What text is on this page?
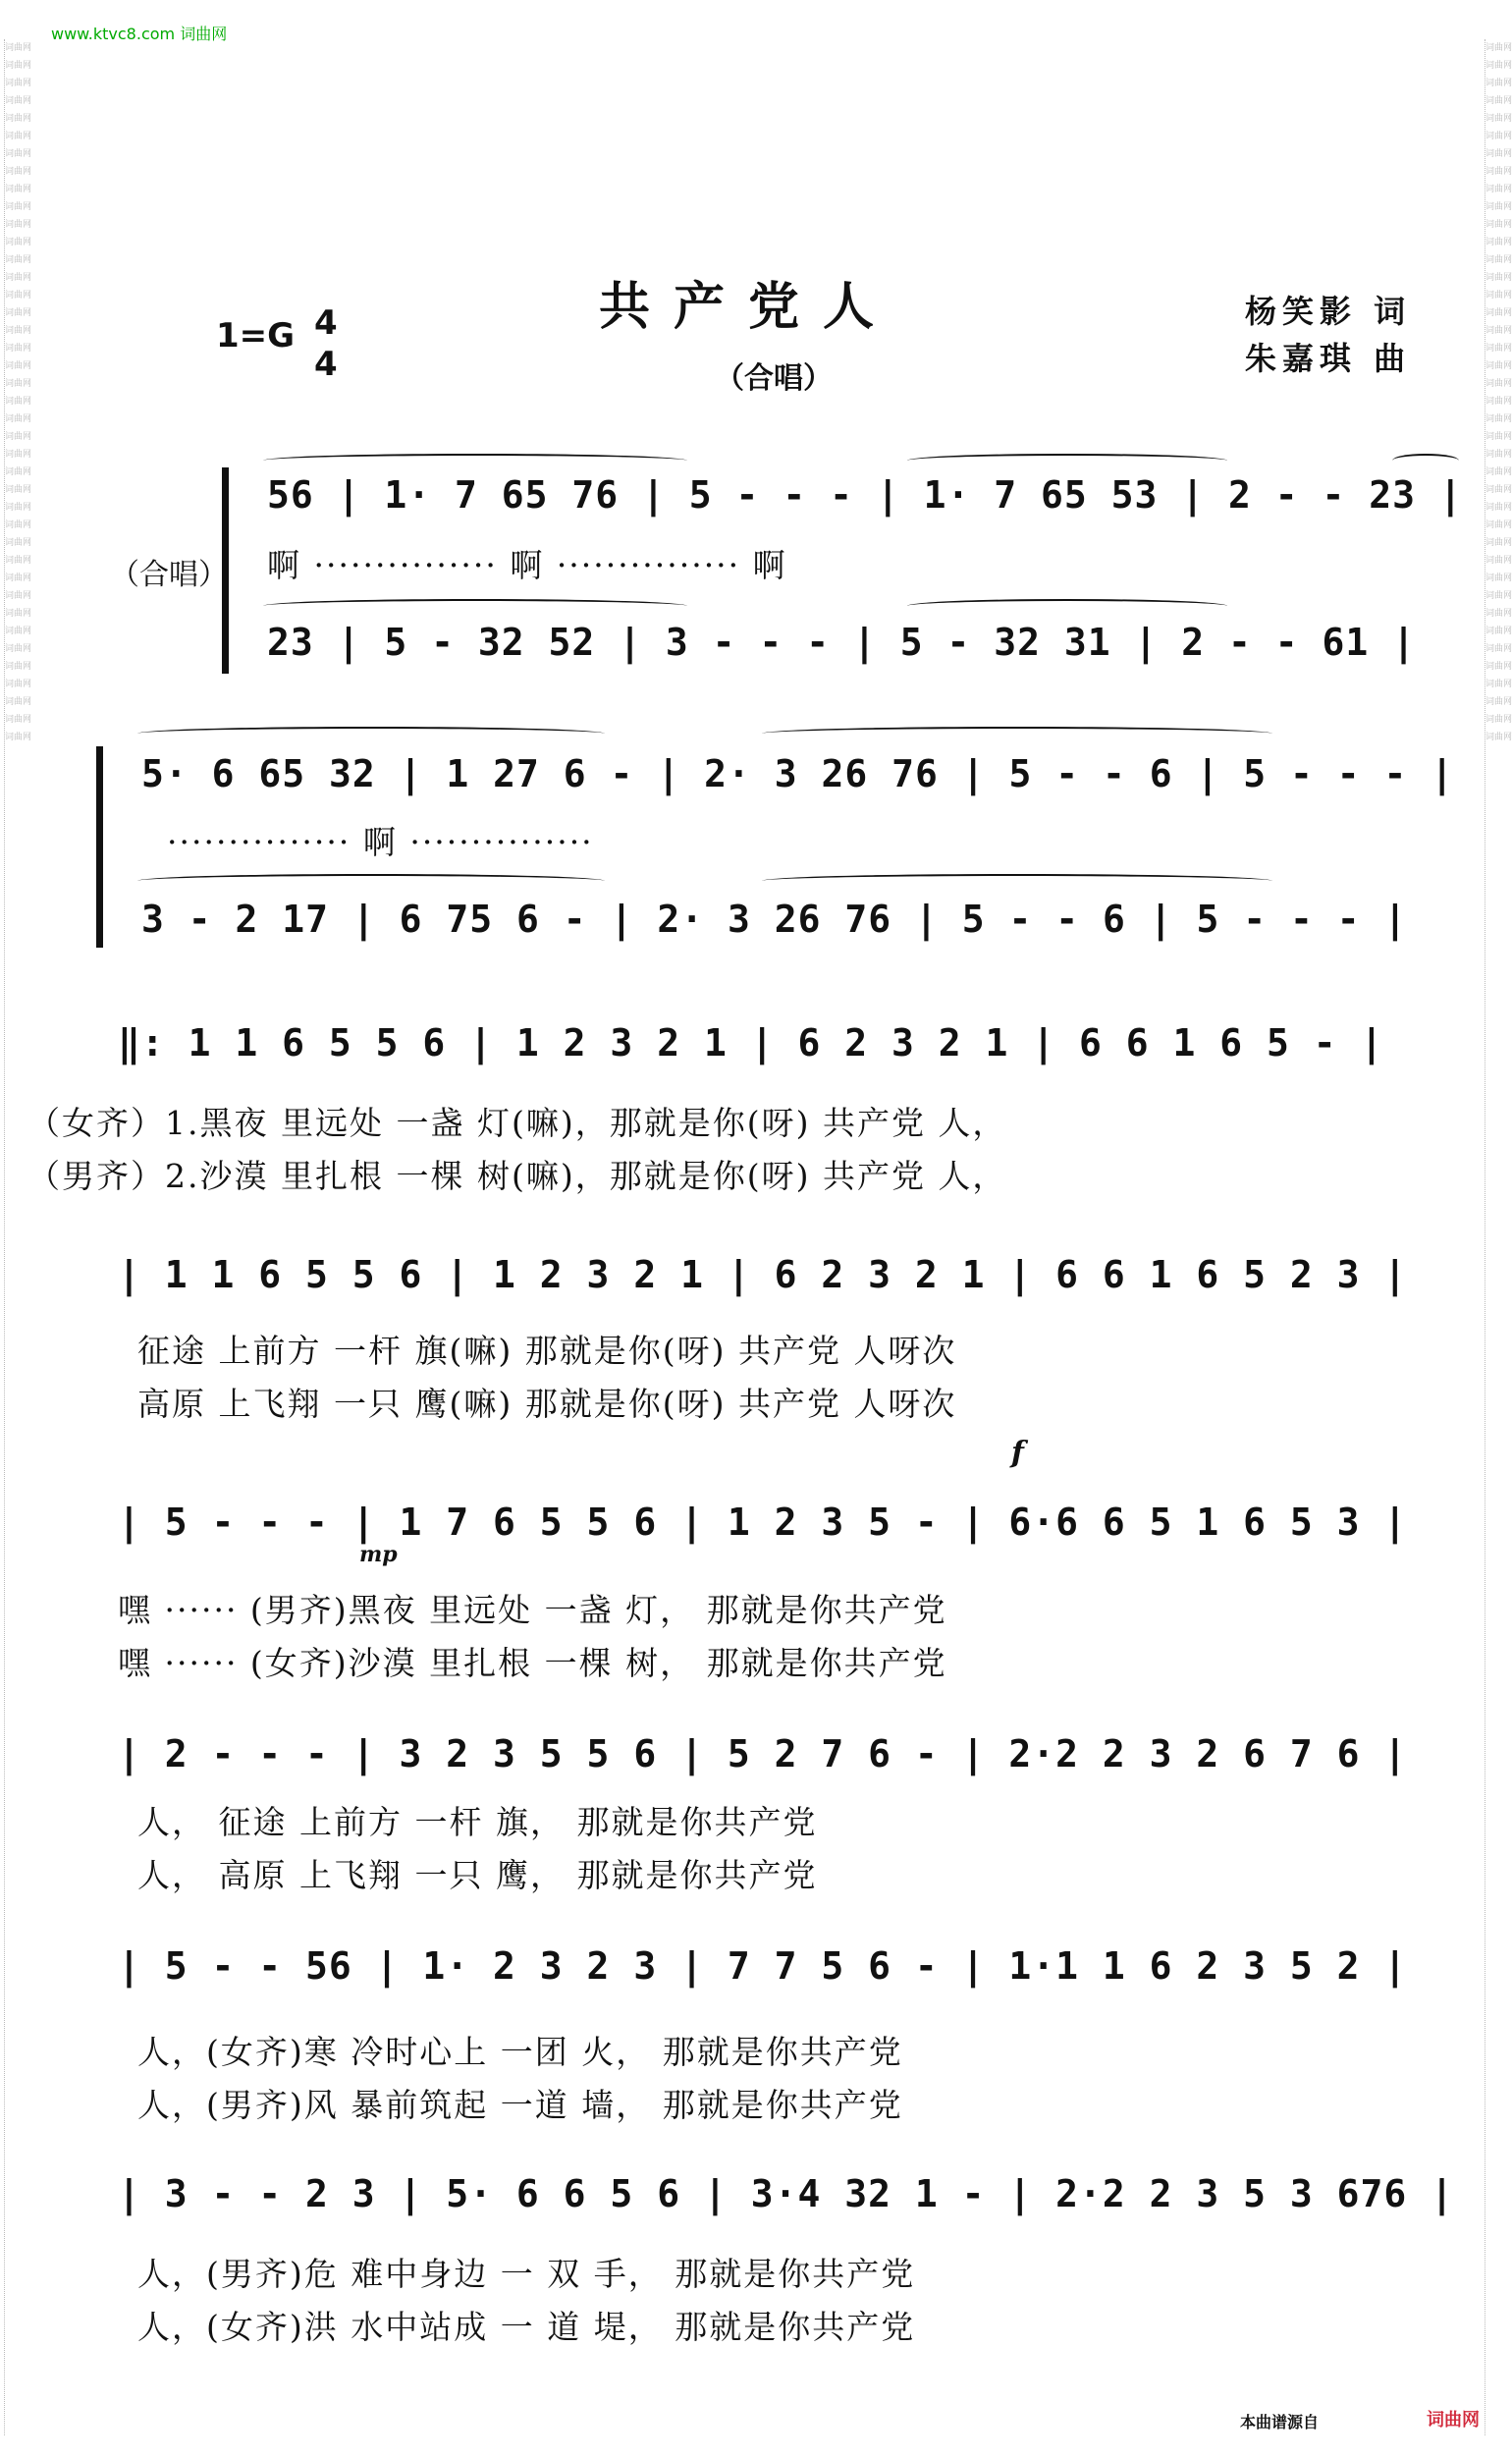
www.ktvc8.com 词曲网
词曲网
词曲网
词曲网
词曲网
词曲网
词曲网
词曲网
词曲网
词曲网
词曲网
词曲网
词曲网
词曲网
词曲网
词曲网
词曲网
词曲网
词曲网
词曲网
词曲网
词曲网
词曲网
词曲网
词曲网
词曲网
词曲网
词曲网
词曲网
词曲网
词曲网
词曲网
词曲网
词曲网
词曲网
词曲网
词曲网
词曲网
词曲网
词曲网
词曲网

词曲网
词曲网
词曲网
词曲网
词曲网
词曲网
词曲网
词曲网
词曲网
词曲网
词曲网
词曲网
词曲网
词曲网
词曲网
词曲网
词曲网
词曲网
词曲网
词曲网
词曲网
词曲网
词曲网
词曲网
词曲网
词曲网
词曲网
词曲网
词曲网
词曲网
词曲网
词曲网
词曲网
词曲网
词曲网
词曲网
词曲网
词曲网
词曲网
词曲网

共产党人
（合唱）
1=G 4
4
杨笑影 词
朱嘉琪 曲
（合唱）
56 | 1· 7 65 76 | 5 - - - | 1· 7 65 53 | 2 - - 23 |
啊 ··············· 啊 ··············· 啊
23 | 5 - 32 52 | 3 - - - | 5 - 32 31 | 2 - - 61 |
5· 6 65 32 | 1 27 6 - | 2· 3 26 76 | 5 - - 6 | 5 - - - |
··············· 啊 ···············
3 - 2 17 | 6 75 6 - | 2· 3 26 76 | 5 - - 6 | 5 - - - |
‖: 1 1 6 5 5 6 | 1 2 3 2 1 | 6 2 3 2 1 | 6 6 1 6 5 - |
（女齐）1.黑夜 里远处 一盏 灯(嘛)，那就是你(呀) 共产党 人，
（男齐）2.沙漠 里扎根 一棵 树(嘛)，那就是你(呀) 共产党 人，
| 1 1 6 5 5 6 | 1 2 3 2 1 | 6 2 3 2 1 | 6 6 1 6 5 2 3 |
征途 上前方 一杆 旗(嘛) 那就是你(呀) 共产党 人呀次
高原 上飞翔 一只 鹰(嘛) 那就是你(呀) 共产党 人呀次
f
| 5 - - - | 1 7 6 5 5 6 | 1 2 3 5 - | 6·6 6 5 1 6 5 3 |
mp
嘿 ······ (男齐)黑夜 里远处 一盏 灯， 那就是你共产党
嘿 ······ (女齐)沙漠 里扎根 一棵 树， 那就是你共产党
| 2 - - - | 3 2 3 5 5 6 | 5 2 7 6 - | 2·2 2 3 2 6 7 6 |
人， 征途 上前方 一杆 旗， 那就是你共产党
人， 高原 上飞翔 一只 鹰， 那就是你共产党
| 5 - - 56 | 1· 2 3 2 3 | 7 7 5 6 - | 1·1 1 6 2 3 5 2 |
人，(女齐)寒 冷时心上 一团 火， 那就是你共产党
人，(男齐)风 暴前筑起 一道 墙， 那就是你共产党
| 3 - - 2 3 | 5· 6 6 5 6 | 3·4 32 1 - | 2·2 2 3 5 3 676 |
人，(男齐)危 难中身边 一 双 手， 那就是你共产党
人，(女齐)洪 水中站成 一 道 堤， 那就是你共产党
本曲谱源自	词曲网
